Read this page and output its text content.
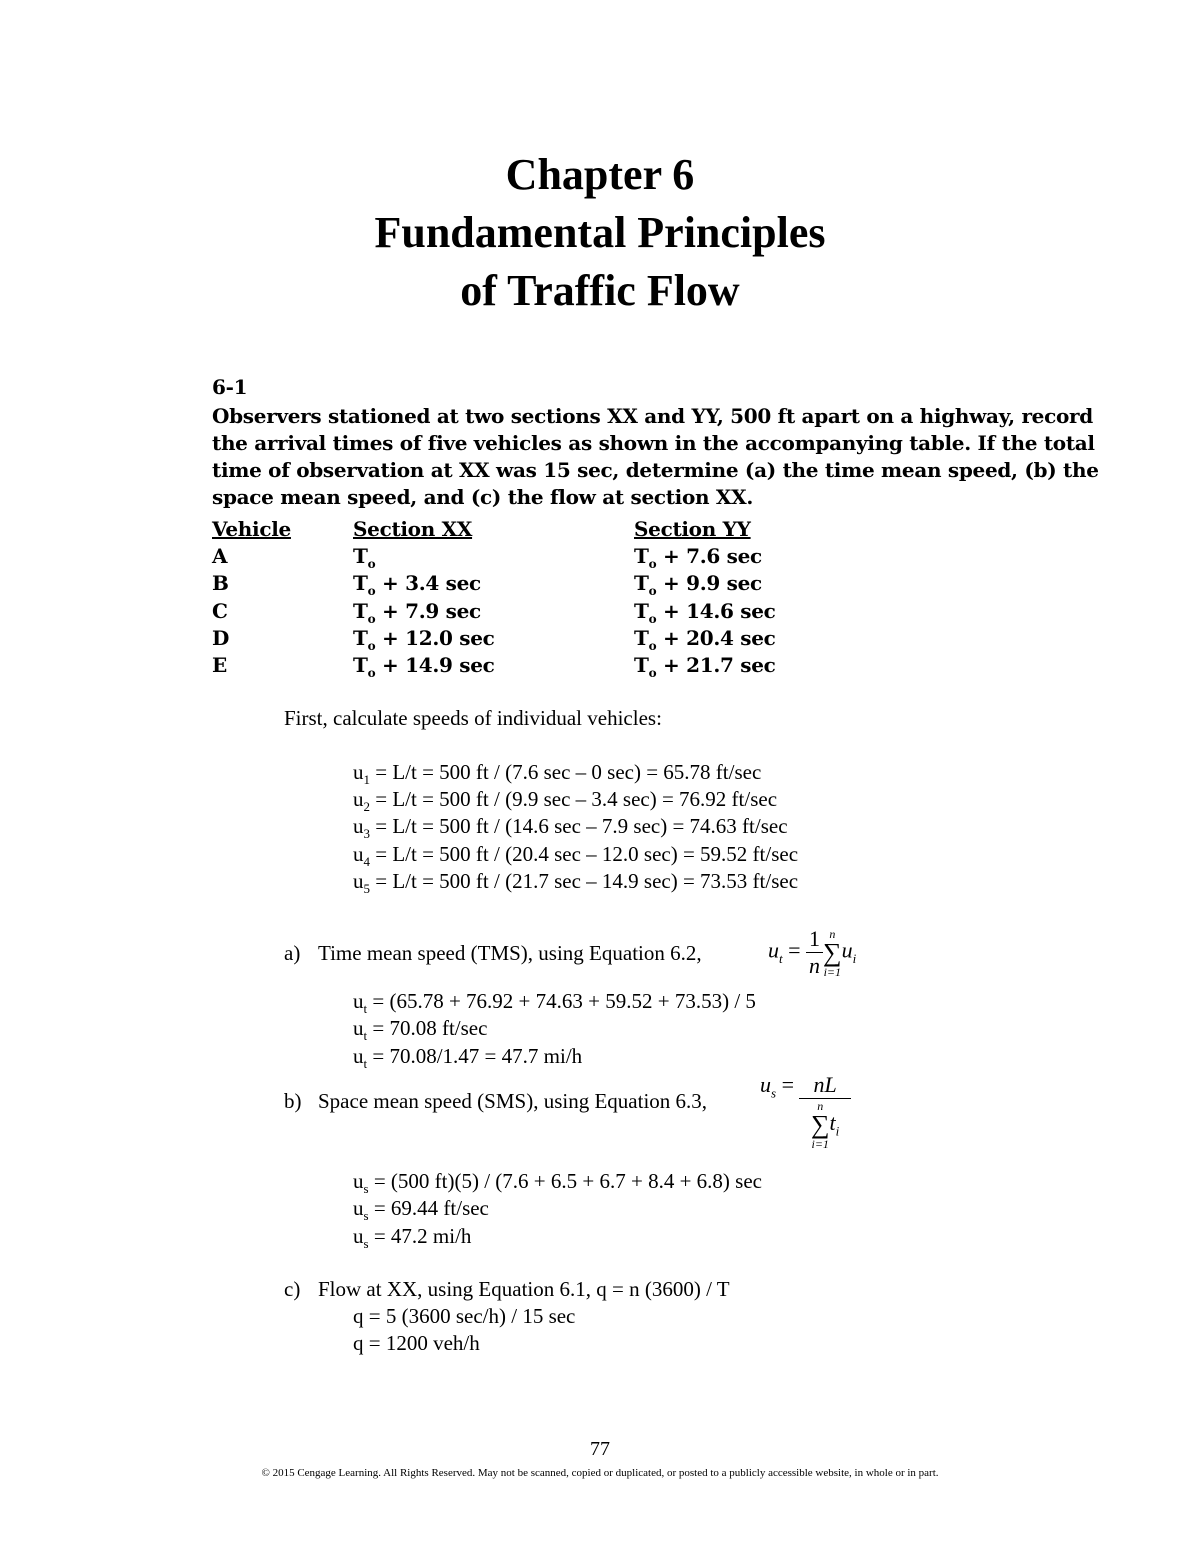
Chapter 6
Fundamental Principles
of Traffic Flow
6-1
Observers stationed at two sections XX and YY, 500 ft apart on a highway, record
the arrival times of five vehicles as shown in the accompanying table. If the total
time of observation at XX was 15 sec, determine (a) the time mean speed, (b) the
space mean speed, and (c) the flow at section XX.
Vehicle	Section XX	Section YY
A	$T_o$	$T_o + 7.6$ sec
B	$T_o + 3.4$ sec	$T_o + 9.9$ sec
C	$T_o + 7.9$ sec	$T_o + 14.6$ sec
D	$T_o + 12.0$ sec	$T_o + 20.4$ sec
E	$T_o + 14.9$ sec	$T_o + 21.7$ sec
First, calculate speeds of individual vehicles:
$u_1 = L/t = 500$ ft / (7.6 sec – 0 sec) = 65.78 ft/sec
$u_2 = L/t = 500$ ft / (9.9 sec – 3.4 sec) = 76.92 ft/sec
$u_3 = L/t = 500$ ft / (14.6 sec – 7.9 sec) = 74.63 ft/sec
$u_4 = L/t = 500$ ft / (20.4 sec – 12.0 sec) = 59.52 ft/sec
$u_5 = L/t = 500$ ft / (21.7 sec – 14.9 sec) = 73.53 ft/sec
a) Time mean speed (TMS), using Equation 6.2,	$u_t = \frac{1}{n}$ n
∑
i=1
$u_i$
$u_t = (65.78 + 76.92 + 74.63 + 59.52 + 73.53) / 5$
$u_t = 70.08$ ft/sec
$u_t = 70.08/1.47 = 47.7$ mi/h
b) Space mean speed (SMS), using Equation 6.3,
$u_s$ = nL
n
∑
i=1
$t_i$
$u_s = (500$ ft)(5) / (7.6 + 6.5 + 6.7 + 8.4 + 6.8) sec
$u_s = 69.44$ ft/sec
$u_s = 47.2$ mi/h
c) Flow at XX, using Equation 6.1, q = n (3600) / T
q = 5 (3600 sec/h) / 15 sec
q = 1200 veh/h
77
© 2015 Cengage Learning. All Rights Reserved. May not be scanned, copied or duplicated, or posted to a publicly accessible website, in whole or in part.
